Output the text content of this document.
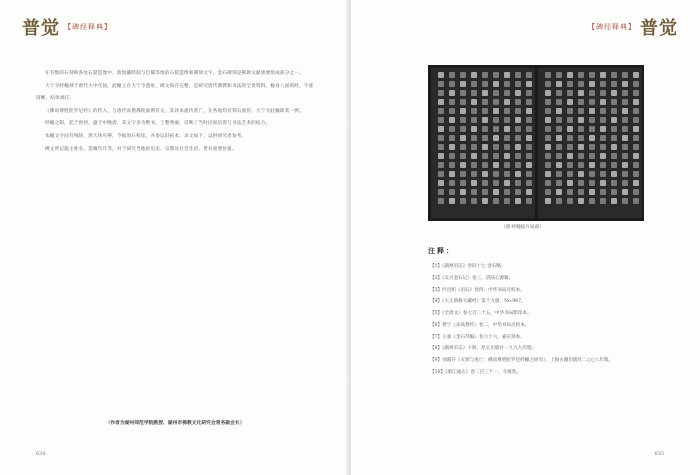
普觉 【碑经释典】

在有数的石刻和各处石窟造像中，敦煌藏经洞与巴蜀等地的石窟造像和碑刻文字，金石碑刻是佛教文献重要组成部分之一。

大宁寺经幢刻于唐代大中年间，此幢立在大宁寺遗址，碑文保存完整，是研究唐代佛教和书法的宝贵资料。幢身八面刻经，字迹清晰，结体端庄。

《佛说尊胜陀罗尼经》的传入，与唐代高僧佛陀波利有关，其译本流传甚广，在各地均有刻石流传，大宁寺此幢即其一例。

经幢之制，起于唐初，盛于中晚唐，其文字多为楷书，工整秀丽，反映了当时民间信仰与书法艺术的结合。

本幢文字间有残缺，然大体可辨，今据原石校读，并参以旧拓本，录文如下，以供研究者参考。

碑文所记施主姓名、造幢年月等，对于研究当地的历史、宗教及社会生活，皆有重要价值。

（作者为湖州师范学院教授、湖州市佛教文化研究会常务副会长）
634
【碑经释典】 普觉
（唐·经幢拓片局部）
注释：

【1】《湖州府志》卷四十七·金石略。

【2】《吴兴金石记》卷三，清陆心源辑。

【3】叶昌炽《语石》卷四，中华书局点校本。

【4】《大正新修大藏经》第十九册，No.967。

【5】《全唐文》卷七百二十五，中华书局影印本。

【6】赞宁《宋高僧传》卷二，中华书局点校本。

【7】王昶《金石萃编》卷六十六，嘉庆刻本。

【8】《湖州市志》下册，昆仑出版社一九九九年版。

【9】刘淑芬《灭罪与度亡：佛顶尊胜陀罗尼经幢之研究》，上海古籍出版社二○○八年版。

【10】《浙江通志》卷二百三十一，寺观类。

635
